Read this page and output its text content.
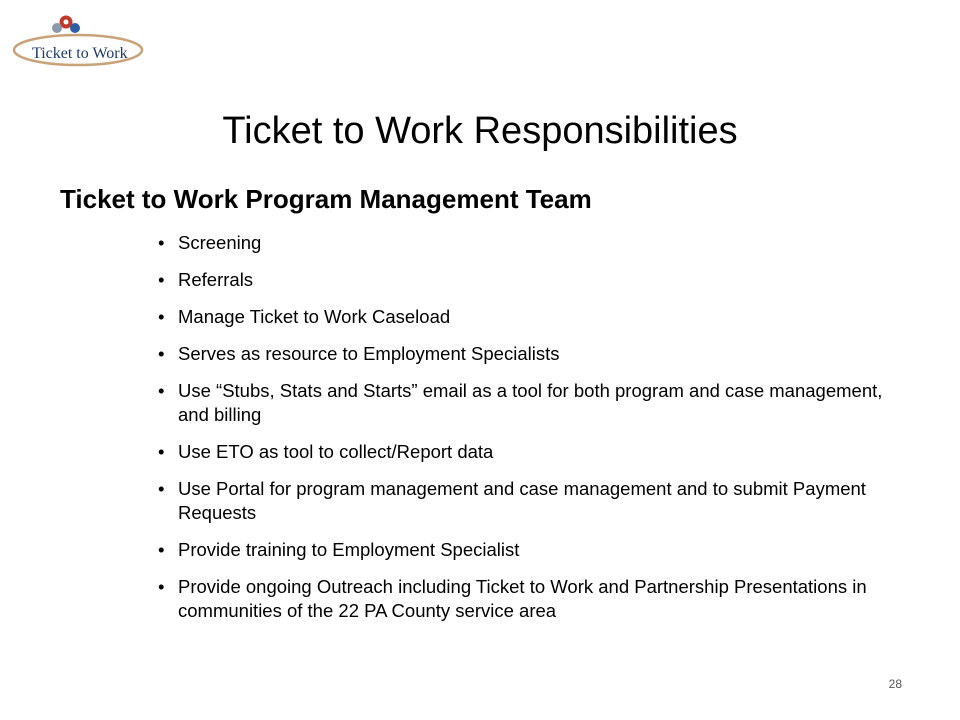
Ticket to Work
Ticket to Work Responsibilities
Ticket to Work Program Management Team
• Screening
• Referrals
• Manage Ticket to Work Caseload
• Serves as resource to Employment Specialists
• Use “Stubs, Stats and Starts” email as a tool for both program and case management, and billing
• Use ETO as tool to collect/Report data
• Use Portal for program management and case management and to submit Payment Requests
• Provide training to Employment Specialist
• Provide ongoing Outreach including Ticket to Work and Partnership Presentations in communities of the 22 PA County service area
28
